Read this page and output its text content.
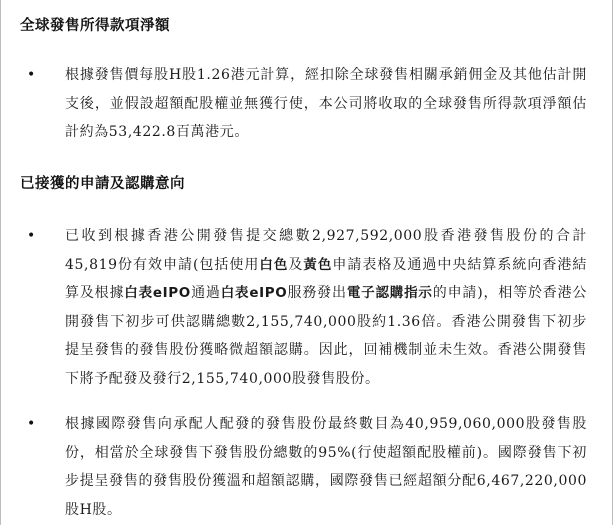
全球發售所得款項淨額
•	根據發售價每股H股1.26港元計算，經扣除全球發售相關承銷佣金及其他估計開支後，並假設超額配股權並無獲行使，本公司將收取的全球發售所得款項淨額估計約為53,422.8百萬港元。

已接獲的申請及認購意向
•	已收到根據香港公開發售提交總數2,927,592,000股香港發售股份的合計45,819份有效申請(包括使用白色及黃色申請表格及通過中央結算系統向香港結算及根據白表eIPO通過白表eIPO服務發出電子認購指示的申請)，相等於香港公開發售下初步可供認購總數2,155,740,000股約1.36倍。香港公開發售下初步提呈發售的發售股份獲略微超額認購。因此，回補機制並未生效。香港公開發售下將予配發及發行2,155,740,000股發售股份。

•	根據國際發售向承配人配發的發售股份最終數目為40,959,060,000股發售股份，相當於全球發售下發售股份總數的95%(行使超額配股權前)。國際發售下初步提呈發售的發售股份獲溫和超額認購，國際發售已經超額分配6,467,220,000股H股。
